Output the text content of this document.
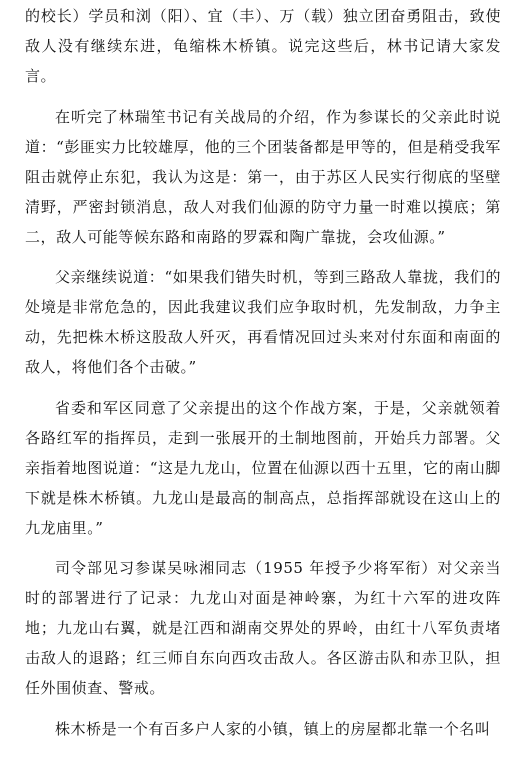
的校长）学员和浏（阳）、宜（丰）、万（载）独立团奋勇阻击，致使敌人没有继续东进，龟缩株木桥镇。说完这些后，林书记请大家发言。

在听完了林瑞笙书记有关战局的介绍，作为参谋长的父亲此时说道：“彭匪实力比较雄厚，他的三个团装备都是甲等的，但是稍受我军阻击就停止东犯，我认为这是：第一，由于苏区人民实行彻底的坚壁清野，严密封锁消息，敌人对我们仙源的防守力量一时难以摸底；第二，敌人可能等候东路和南路的罗霖和陶广靠拢，会攻仙源。”

父亲继续说道：“如果我们错失时机，等到三路敌人靠拢，我们的处境是非常危急的，因此我建议我们应争取时机，先发制敌，力争主动，先把株木桥这股敌人歼灭，再看情况回过头来对付东面和南面的敌人，将他们各个击破。”

省委和军区同意了父亲提出的这个作战方案，于是，父亲就领着各路红军的指挥员，走到一张展开的土制地图前，开始兵力部署。父亲指着地图说道：“这是九龙山，位置在仙源以西十五里，它的南山脚下就是株木桥镇。九龙山是最高的制高点，总指挥部就设在这山上的九龙庙里。”

司令部见习参谋吴咏湘同志（1955 年授予少将军衔）对父亲当时的部署进行了记录：九龙山对面是神岭寨，为红十六军的进攻阵地；九龙山右翼，就是江西和湖南交界处的界岭，由红十八军负责堵击敌人的退路；红三师自东向西攻击敌人。各区游击队和赤卫队，担任外围侦查、警戒。

株木桥是一个有百多户人家的小镇，镇上的房屋都北靠一个名叫
